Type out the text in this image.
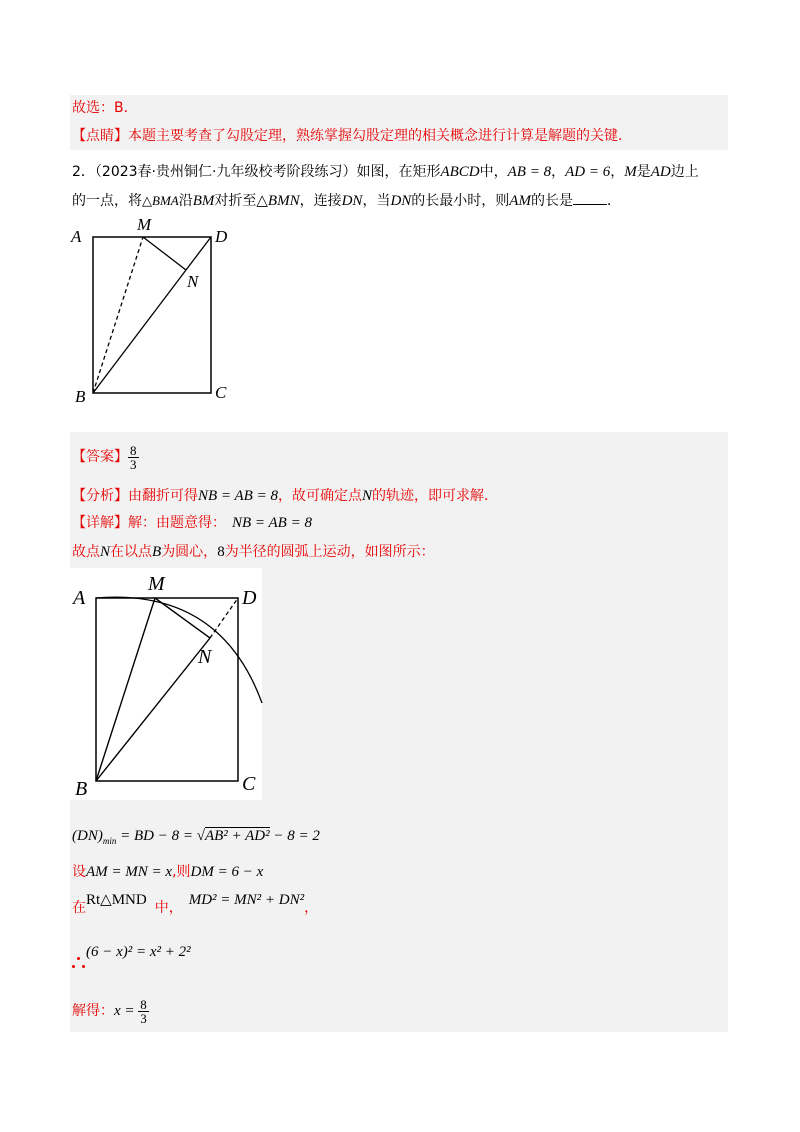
故选：B．
【点睛】本题主要考查了勾股定理，熟练掌握勾股定理的相关概念进行计算是解题的关键．
2．（2023春·贵州铜仁·九年级校考阶段练习）如图，在矩形ABCD中，AB = 8，AD = 6，M是AD边上
的一点，将△BMA沿BM对折至△BMN，连接DN，当DN的长最小时，则AM的长是 ．
A
M
D
N
B	C
【答案】 $\frac{8}{3}$
【分析】由翻折可得NB = AB = 8，故可确定点N的轨迹，即可求解．
【详解】解：由题意得： NB = AB = 8
故点N在以点B为圆心，8为半径的圆弧上运动，如图所示：
A
M
D
N
B	C
$(DN)_{min}$ = BD − 8 = √AB² + AD² − 8 = 2
设AM = MN = x,则DM = 6 − x
在Rt△MND 中， MD² = MN² + DN²，
(6 − x)² = x² + 2²
解得：$x = \frac{8}{3}$
